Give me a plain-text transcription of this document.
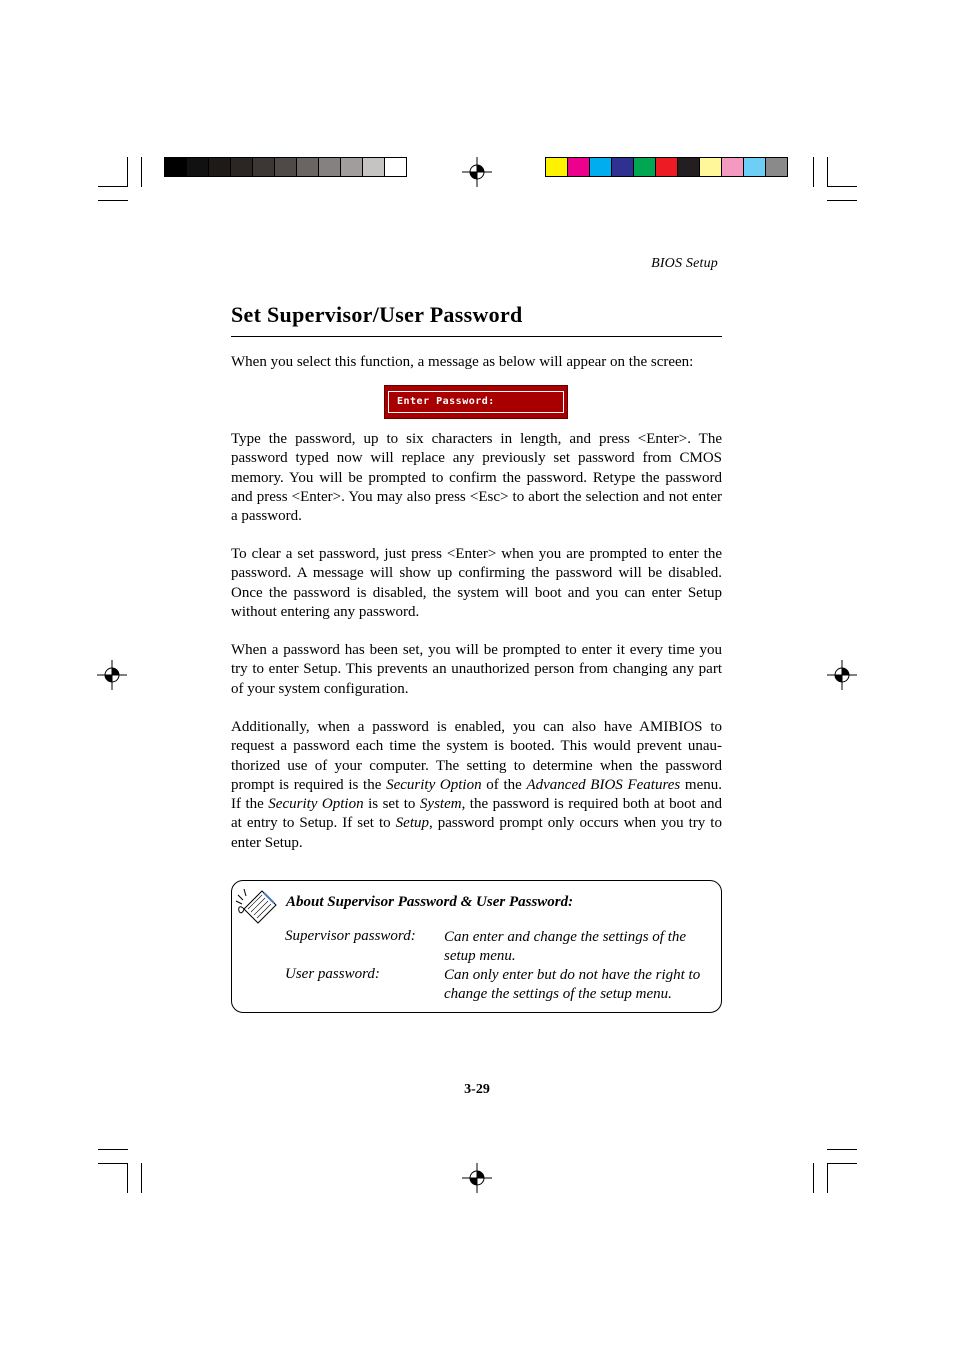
BIOS Setup
Set Supervisor/User Password
When you select this function, a message as below will appear on the screen:
Enter Password:
Type the password, up to six characters in length, and press <Enter>. The password typed now will replace any previously set password from CMOS memory. You will be prompted to confirm the password. Retype the password and press <Enter>. You may also press <Esc> to abort the selection and not enter a password.
To clear a set password, just press <Enter> when you are prompted to enter the password. A message will show up confirming the password will be disabled. Once the password is disabled, the system will boot and you can enter Setup without entering any password.
When a password has been set, you will be prompted to enter it every time you try to enter Setup. This prevents an unauthorized person from changing any part of your system configuration.
Additionally, when a password is enabled, you can also have AMIBIOS to request a password each time the system is booted. This would prevent unau-thorized use of your computer. The setting to determine when the password prompt is required is the Security Option of the Advanced BIOS Features menu. If the Security Option is set to System, the password is required both at boot and at entry to Setup. If set to Setup, password prompt only occurs when you try to enter Setup.
About Supervisor Password & User Password:
Supervisor password: Can enter and change the settings of the setup menu.
User password:	Can only enter but do not have the right to change the settings of the setup menu.
3-29
